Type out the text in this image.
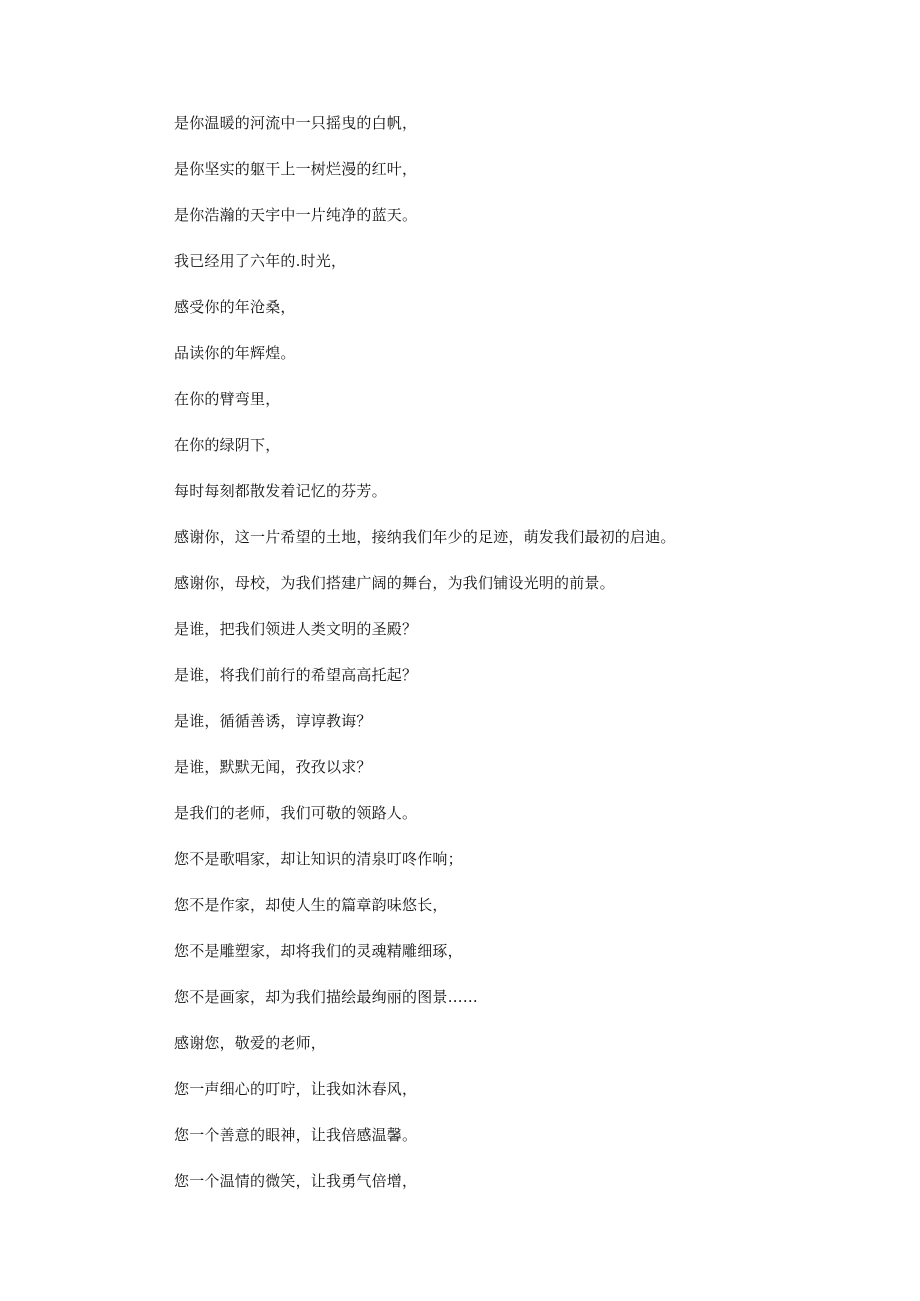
是你温暖的河流中一只摇曳的白帆，
是你坚实的躯干上一树烂漫的红叶，
是你浩瀚的天宇中一片纯净的蓝天。
我已经用了六年的.时光，
感受你的年沧桑，
品读你的年辉煌。
在你的臂弯里，
在你的绿阴下，
每时每刻都散发着记忆的芬芳。
感谢你，这一片希望的土地，接纳我们年少的足迹，萌发我们最初的启迪。
感谢你，母校，为我们搭建广阔的舞台，为我们铺设光明的前景。
是谁，把我们领进人类文明的圣殿？
是谁，将我们前行的希望高高托起？
是谁，循循善诱，谆谆教诲？
是谁，默默无闻，孜孜以求？
是我们的老师，我们可敬的领路人。
您不是歌唱家，却让知识的清泉叮咚作响；
您不是作家，却使人生的篇章韵味悠长，
您不是雕塑家，却将我们的灵魂精雕细琢，
您不是画家，却为我们描绘最绚丽的图景……
感谢您，敬爱的老师，
您一声细心的叮咛，让我如沐春风，
您一个善意的眼神，让我倍感温馨。
您一个温情的微笑，让我勇气倍增，
